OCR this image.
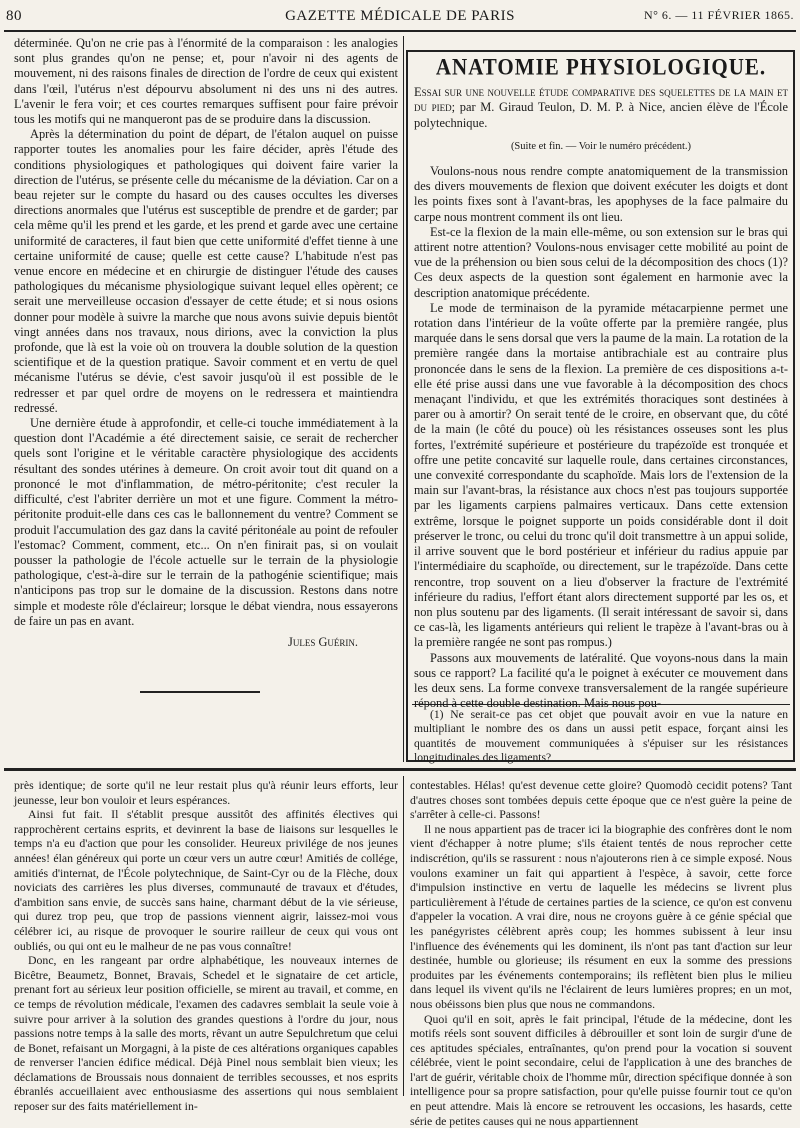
80	GAZETTE MÉDICALE DE PARIS	N° 6. — 11 FÉVRIER 1865.

déterminée. Qu'on ne crie pas à l'énormité de la comparaison : les analogies sont plus grandes qu'on ne pense; et, pour n'avoir ni des agents de mouvement, ni des raisons finales de direction de l'ordre de ceux qui existent dans l'œil, l'utérus n'est dépourvu absolument ni des uns ni des autres. L'avenir le fera voir; et ces courtes remarques suffisent pour faire prévoir tous les motifs qui ne manqueront pas de se produire dans la discussion.

Après la détermination du point de départ, de l'étalon auquel on puisse rapporter toutes les anomalies pour les faire décider, après l'étude des conditions physiologiques et pathologiques qui doivent faire varier la direction de l'utérus, se présente celle du mécanisme de la déviation. Car on a beau rejeter sur le compte du hasard ou des causes occultes les diverses directions anormales que l'utérus est susceptible de prendre et de garder; par cela même qu'il les prend et les garde, et les prend et garde avec une certaine uniformité de caracteres, il faut bien que cette uniformité d'effet tienne à une certaine uniformité de cause; quelle est cette cause? L'habitude n'est pas venue encore en médecine et en chirurgie de distinguer l'étude des causes pathologiques du mécanisme physiologique suivant lequel elles opèrent; ce serait une merveilleuse occasion d'essayer de cette étude; et si nous osions donner pour modèle à suivre la marche que nous avons suivie depuis bientôt vingt années dans nos travaux, nous dirions, avec la conviction la plus profonde, que là est la voie où on trouvera la double solution de la question scientifique et de la question pratique. Savoir comment et en vertu de quel mécanisme l'utérus se dévie, c'est savoir jusqu'où il est possible de le redresser et par quel ordre de moyens on le redressera et maintiendra redressé.

Une dernière étude à approfondir, et celle-ci touche immédiatement à la question dont l'Académie a été directement saisie, ce serait de rechercher quels sont l'origine et le véritable caractère physiologique des accidents résultant des sondes utérines à demeure. On croit avoir tout dit quand on a prononcé le mot d'inflammation, de métro-péritonite; c'est reculer la difficulté, c'est l'abriter derrière un mot et une figure. Comment la métro-péritonite produit-elle dans ces cas le ballonnement du ventre? Comment se produit l'accumulation des gaz dans la cavité péritonéale au point de refouler l'estomac? Comment, comment, etc... On n'en finirait pas, si on voulait pousser la pathologie de l'école actuelle sur le terrain de la physiologie pathologique, c'est-à-dire sur le terrain de la pathogénie scientifique; mais n'anticipons pas trop sur le domaine de la discussion. Restons dans notre simple et modeste rôle d'éclaireur; lorsque le débat viendra, nous essayerons de faire un pas en avant.

Jules Guérin.
ANATOMIE PHYSIOLOGIQUE.

Essai sur une nouvelle étude comparative des squelettes de la main et du pied; par M. Giraud Teulon, D. M. P. à Nice, ancien élève de l'École polytechnique.

(Suite et fin. — Voir le numéro précédent.)

Voulons-nous nous rendre compte anatomiquement de la transmission des divers mouvements de flexion que doivent exécuter les doigts et dont les points fixes sont à l'avant-bras, les apophyses de la face palmaire du carpe nous montrent comment ils ont lieu.

Est-ce la flexion de la main elle-même, ou son extension sur le bras qui attirent notre attention? Voulons-nous envisager cette mobilité au point de vue de la préhension ou bien sous celui de la décomposition des chocs (1)? Ces deux aspects de la question sont également en harmonie avec la description anatomique précédente.

Le mode de terminaison de la pyramide métacarpienne permet une rotation dans l'intérieur de la voûte offerte par la première rangée, plus marquée dans le sens dorsal que vers la paume de la main. La rotation de la première rangée dans la mortaise antibrachiale est au contraire plus prononcée dans le sens de la flexion. La première de ces dispositions a-t-elle été prise aussi dans une vue favorable à la décomposition des chocs menaçant l'individu, et que les extrémités thoraciques sont destinées à parer ou à amortir? On serait tenté de le croire, en observant que, du côté de la main (le côté du pouce) où les résistances osseuses sont les plus fortes, l'extrémité supérieure et postérieure du trapézoïde est tronquée et offre une petite concavité sur laquelle roule, dans certaines circonstances, une convexité correspondante du scaphoïde. Mais lors de l'extension de la main sur l'avant-bras, la résistance aux chocs n'est pas toujours supportée par les ligaments carpiens palmaires verticaux. Dans cette extension extrême, lorsque le poignet supporte un poids considérable dont il doit préserver le tronc, ou celui du tronc qu'il doit transmettre à un appui solide, il arrive souvent que le bord postérieur et inférieur du radius appuie par l'intermédiaire du scaphoïde, ou directement, sur le trapézoïde. Dans cette rencontre, trop souvent on a lieu d'observer la fracture de l'extrémité inférieure du radius, l'effort étant alors directement supporté par les os, et non plus soutenu par des ligaments. (Il serait intéressant de savoir si, dans ce cas-là, les ligaments antérieurs qui relient le trapèze à l'avant-bras ou à la première rangée ne sont pas rompus.)

Passons aux mouvements de latéralité. Que voyons-nous dans la main sous ce rapport? La facilité qu'a le poignet à exécuter ce mouvement dans les deux sens. La forme convexe transversalement de la rangée supérieure répond à cette double destination. Mais nous pou-

(1) Ne serait-ce pas cet objet que pouvait avoir en vue la nature en multipliant le nombre des os dans un aussi petit espace, forçant ainsi les quantités de mouvement communiquées à s'épuiser sur les résistances longitudinales des ligaments?

près identique; de sorte qu'il ne leur restait plus qu'à réunir leurs efforts, leur jeunesse, leur bon vouloir et leurs espérances.

Ainsi fut fait. Il s'établit presque aussitôt des affinités électives qui rapprochèrent certains esprits, et devinrent la base de liaisons sur lesquelles le temps n'a eu d'action que pour les consolider. Heureux privilége de nos jeunes années! élan généreux qui porte un cœur vers un autre cœur! Amitiés de collége, amitiés d'internat, de l'École polytechnique, de Saint-Cyr ou de la Flèche, doux noviciats des carrières les plus diverses, communauté de travaux et d'études, d'ambition sans envie, de succès sans haine, charmant début de la vie sérieuse, qui durez trop peu, que trop de passions viennent aigrir, laissez-moi vous célébrer ici, au risque de provoquer le sourire railleur de ceux qui vous ont oubliés, ou qui ont eu le malheur de ne pas vous connaître!

Donc, en les rangeant par ordre alphabétique, les nouveaux internes de Bicêtre, Beaumetz, Bonnet, Bravais, Schedel et le signataire de cet article, prenant fort au sérieux leur position officielle, se mirent au travail, et comme, en ce temps de révolution médicale, l'examen des cadavres semblait la seule voie à suivre pour arriver à la solution des grandes questions à l'ordre du jour, nous passions notre temps à la salle des morts, rêvant un autre Sepulchretum que celui de Bonet, refaisant un Morgagni, à la piste de ces altérations organiques capables de renverser l'ancien édifice médical. Déjà Pinel nous semblait bien vieux; les déclamations de Broussais nous donnaient de terribles secousses, et nos esprits ébranlés accueillaient avec enthousiasme des assertions qui nous semblaient reposer sur des faits matériellement in-

contestables. Hélas! qu'est devenue cette gloire? Quomodò cecidit potens? Tant d'autres choses sont tombées depuis cette époque que ce n'est guère la peine de s'arrêter à celle-ci. Passons!

Il ne nous appartient pas de tracer ici la biographie des confrères dont le nom vient d'échapper à notre plume; s'ils étaient tentés de nous reprocher cette indiscrétion, qu'ils se rassurent : nous n'ajouterons rien à ce simple exposé. Nous voulons examiner un fait qui appartient à l'espèce, à savoir, cette force d'impulsion instinctive en vertu de laquelle les médecins se livrent plus particulièrement à l'étude de certaines parties de la science, ce qu'on est convenu d'appeler la vocation. A vrai dire, nous ne croyons guère à ce génie spécial que les panégyristes célèbrent après coup; les hommes subissent à leur insu l'influence des événements qui les dominent, ils n'ont pas tant d'action sur leur destinée, humble ou glorieuse; ils résument en eux la somme des pressions produites par les événements contemporains; ils reflètent bien plus le milieu dans lequel ils vivent qu'ils ne l'éclairent de leurs lumières propres; en un mot, nous obéissons bien plus que nous ne commandons.

Quoi qu'il en soit, après le fait principal, l'étude de la médecine, dont les motifs réels sont souvent difficiles à débrouiller et sont loin de surgir d'une de ces aptitudes spéciales, entraînantes, qu'on prend pour la vocation si souvent célébrée, vient le point secondaire, celui de l'application à une des branches de l'art de guérir, véritable choix de l'homme mûr, direction spécifique donnée à son intelligence pour sa propre satisfaction, pour qu'elle puisse fournir tout ce qu'on en peut attendre. Mais là encore se retrouvent les occasions, les hasards, cette série de petites causes qui ne nous appartiennent
